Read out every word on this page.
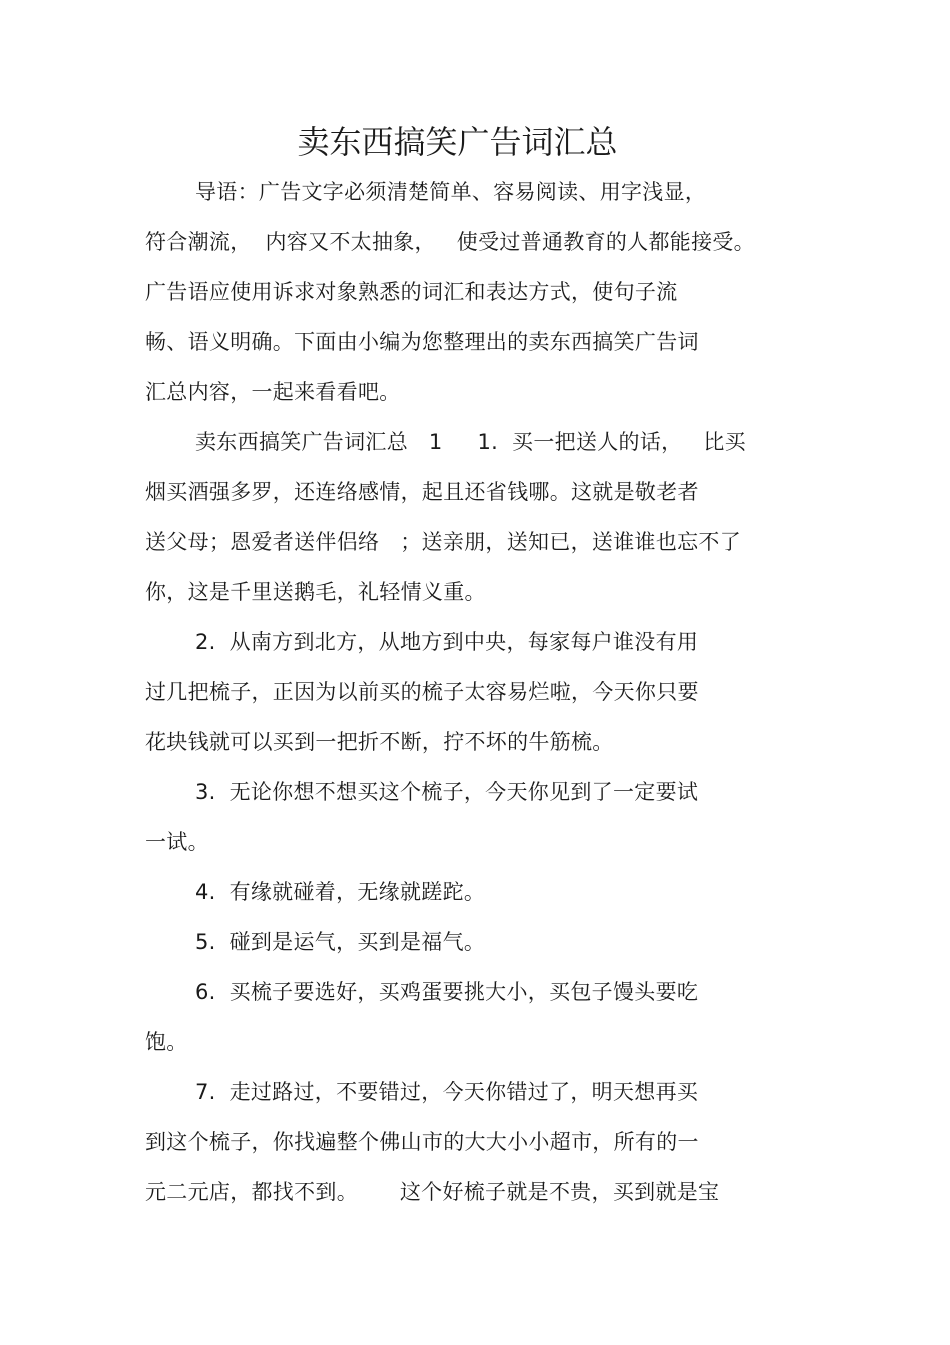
卖东西搞笑广告词汇总
导语：广告文字必须清楚简单、容易阅读、用字浅显，
符合潮流，  内容又不太抽象，   使受过普通教育的人都能接受。
广告语应使用诉求对象熟悉的词汇和表达方式，使句子流
畅、语义明确。下面由小编为您整理出的卖东西搞笑广告词
汇总内容，一起来看看吧。
卖东西搞笑广告词汇总   1     1.  买一把送人的话，   比买
烟买酒强多罗，还连络感情，起且还省钱哪。这就是敬老者
送父母；恩爱者送伴侣络   ；送亲朋，送知已，送谁谁也忘不了
你，这是千里送鹅毛，礼轻情义重。
2.  从南方到北方，从地方到中央，每家每户谁没有用
过几把梳子，正因为以前买的梳子太容易烂啦，今天你只要
花块钱就可以买到一把折不断，拧不坏的牛筋梳。
3.  无论你想不想买这个梳子，今天你见到了一定要试
一试。
4.  有缘就碰着，无缘就蹉跎。
5.  碰到是运气，买到是福气。
6.  买梳子要选好，买鸡蛋要挑大小，买包子馒头要吃
饱。
7.  走过路过，不要错过，今天你错过了，明天想再买
到这个梳子，你找遍整个佛山市的大大小小超市，所有的一
元二元店，都找不到。      这个好梳子就是不贵，买到就是宝
